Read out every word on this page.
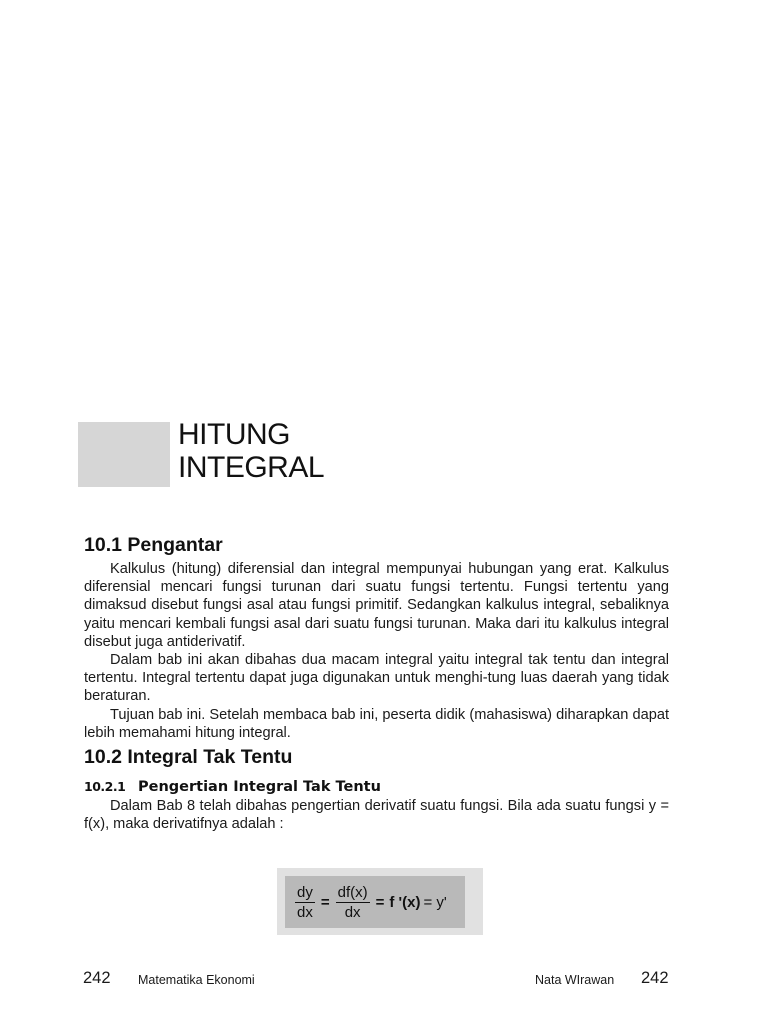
HITUNG
INTEGRAL
10.1 Pengantar

Kalkulus (hitung) diferensial dan integral mempunyai hubungan yang erat. Kalkulus diferensial mencari fungsi turunan dari suatu fungsi tertentu. Fungsi tertentu yang dimaksud disebut fungsi asal atau fungsi primitif. Sedangkan kalkulus integral, sebaliknya yaitu mencari kembali fungsi asal dari suatu fungsi turunan. Maka dari itu kalkulus integral disebut juga antiderivatif.

Dalam bab ini akan dibahas dua macam integral yaitu integral tak tentu dan integral tertentu. Integral tertentu dapat juga digunakan untuk menghi-tung luas daerah yang tidak beraturan.

Tujuan bab ini. Setelah membaca bab ini, peserta didik (mahasiswa) diharapkan dapat lebih memahami hitung integral.

10.2 Integral Tak Tentu
10.2.1 Pengertian Integral Tak Tentu

Dalam Bab 8 telah dibahas pengertian derivatif suatu fungsi. Bila ada suatu fungsi y = f(x), maka derivatifnya adalah :

$\frac{dy}{dx} = \frac{df(x)}{dx} = f$ '(x) = y'
242 Matematika Ekonomi	Nata WIrawan 242
